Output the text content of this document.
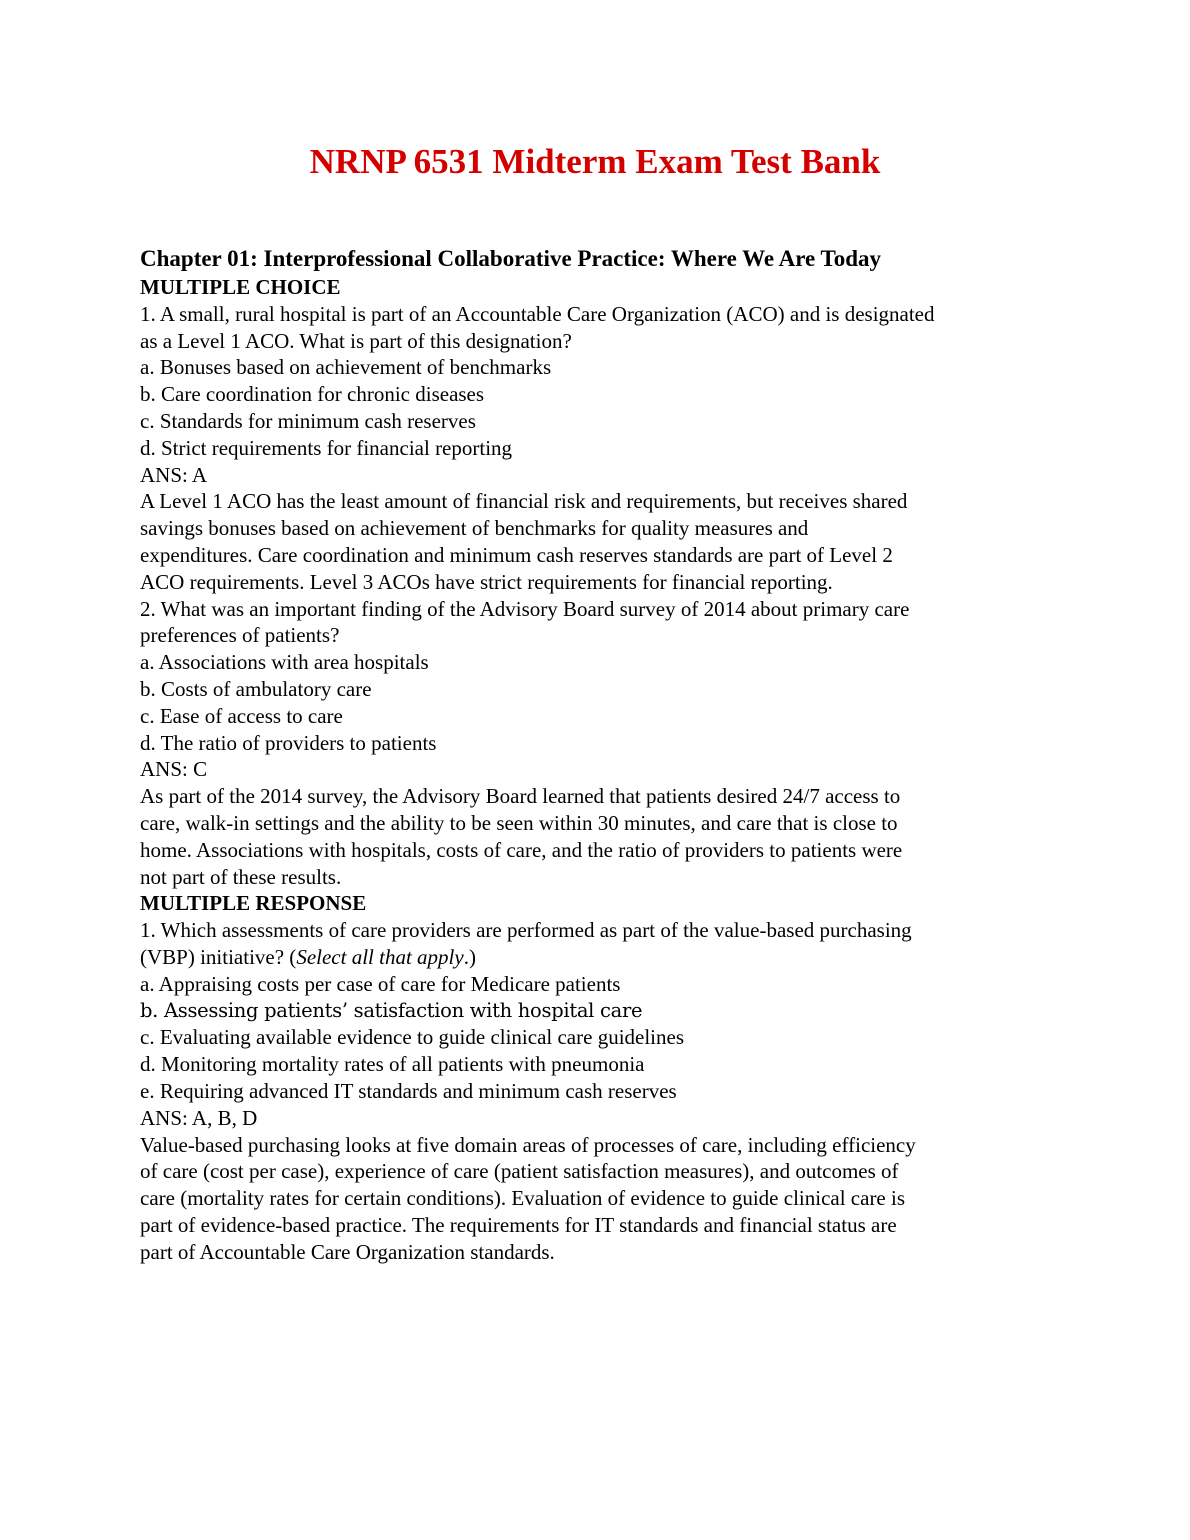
NRNP 6531 Midterm Exam Test Bank
Chapter 01: Interprofessional Collaborative Practice: Where We Are Today
MULTIPLE CHOICE
1. A small, rural hospital is part of an Accountable Care Organization (ACO) and is designated
as a Level 1 ACO. What is part of this designation?
a. Bonuses based on achievement of benchmarks
b. Care coordination for chronic diseases
c. Standards for minimum cash reserves
d. Strict requirements for financial reporting
ANS: A
A Level 1 ACO has the least amount of financial risk and requirements, but receives shared
savings bonuses based on achievement of benchmarks for quality measures and
expenditures. Care coordination and minimum cash reserves standards are part of Level 2
ACO requirements. Level 3 ACOs have strict requirements for financial reporting.
2. What was an important finding of the Advisory Board survey of 2014 about primary care
preferences of patients?
a. Associations with area hospitals
b. Costs of ambulatory care
c. Ease of access to care
d. The ratio of providers to patients
ANS: C
As part of the 2014 survey, the Advisory Board learned that patients desired 24/7 access to
care, walk-in settings and the ability to be seen within 30 minutes, and care that is close to
home. Associations with hospitals, costs of care, and the ratio of providers to patients were
not part of these results.
MULTIPLE RESPONSE
1. Which assessments of care providers are performed as part of the value-based purchasing
(VBP) initiative? (Select all that apply.)
a. Appraising costs per case of care for Medicare patients
b. Assessing patients’ satisfaction with hospital care
c. Evaluating available evidence to guide clinical care guidelines
d. Monitoring mortality rates of all patients with pneumonia
e. Requiring advanced IT standards and minimum cash reserves
ANS: A, B, D
Value-based purchasing looks at five domain areas of processes of care, including efficiency
of care (cost per case), experience of care (patient satisfaction measures), and outcomes of
care (mortality rates for certain conditions). Evaluation of evidence to guide clinical care is
part of evidence-based practice. The requirements for IT standards and financial status are
part of Accountable Care Organization standards.
